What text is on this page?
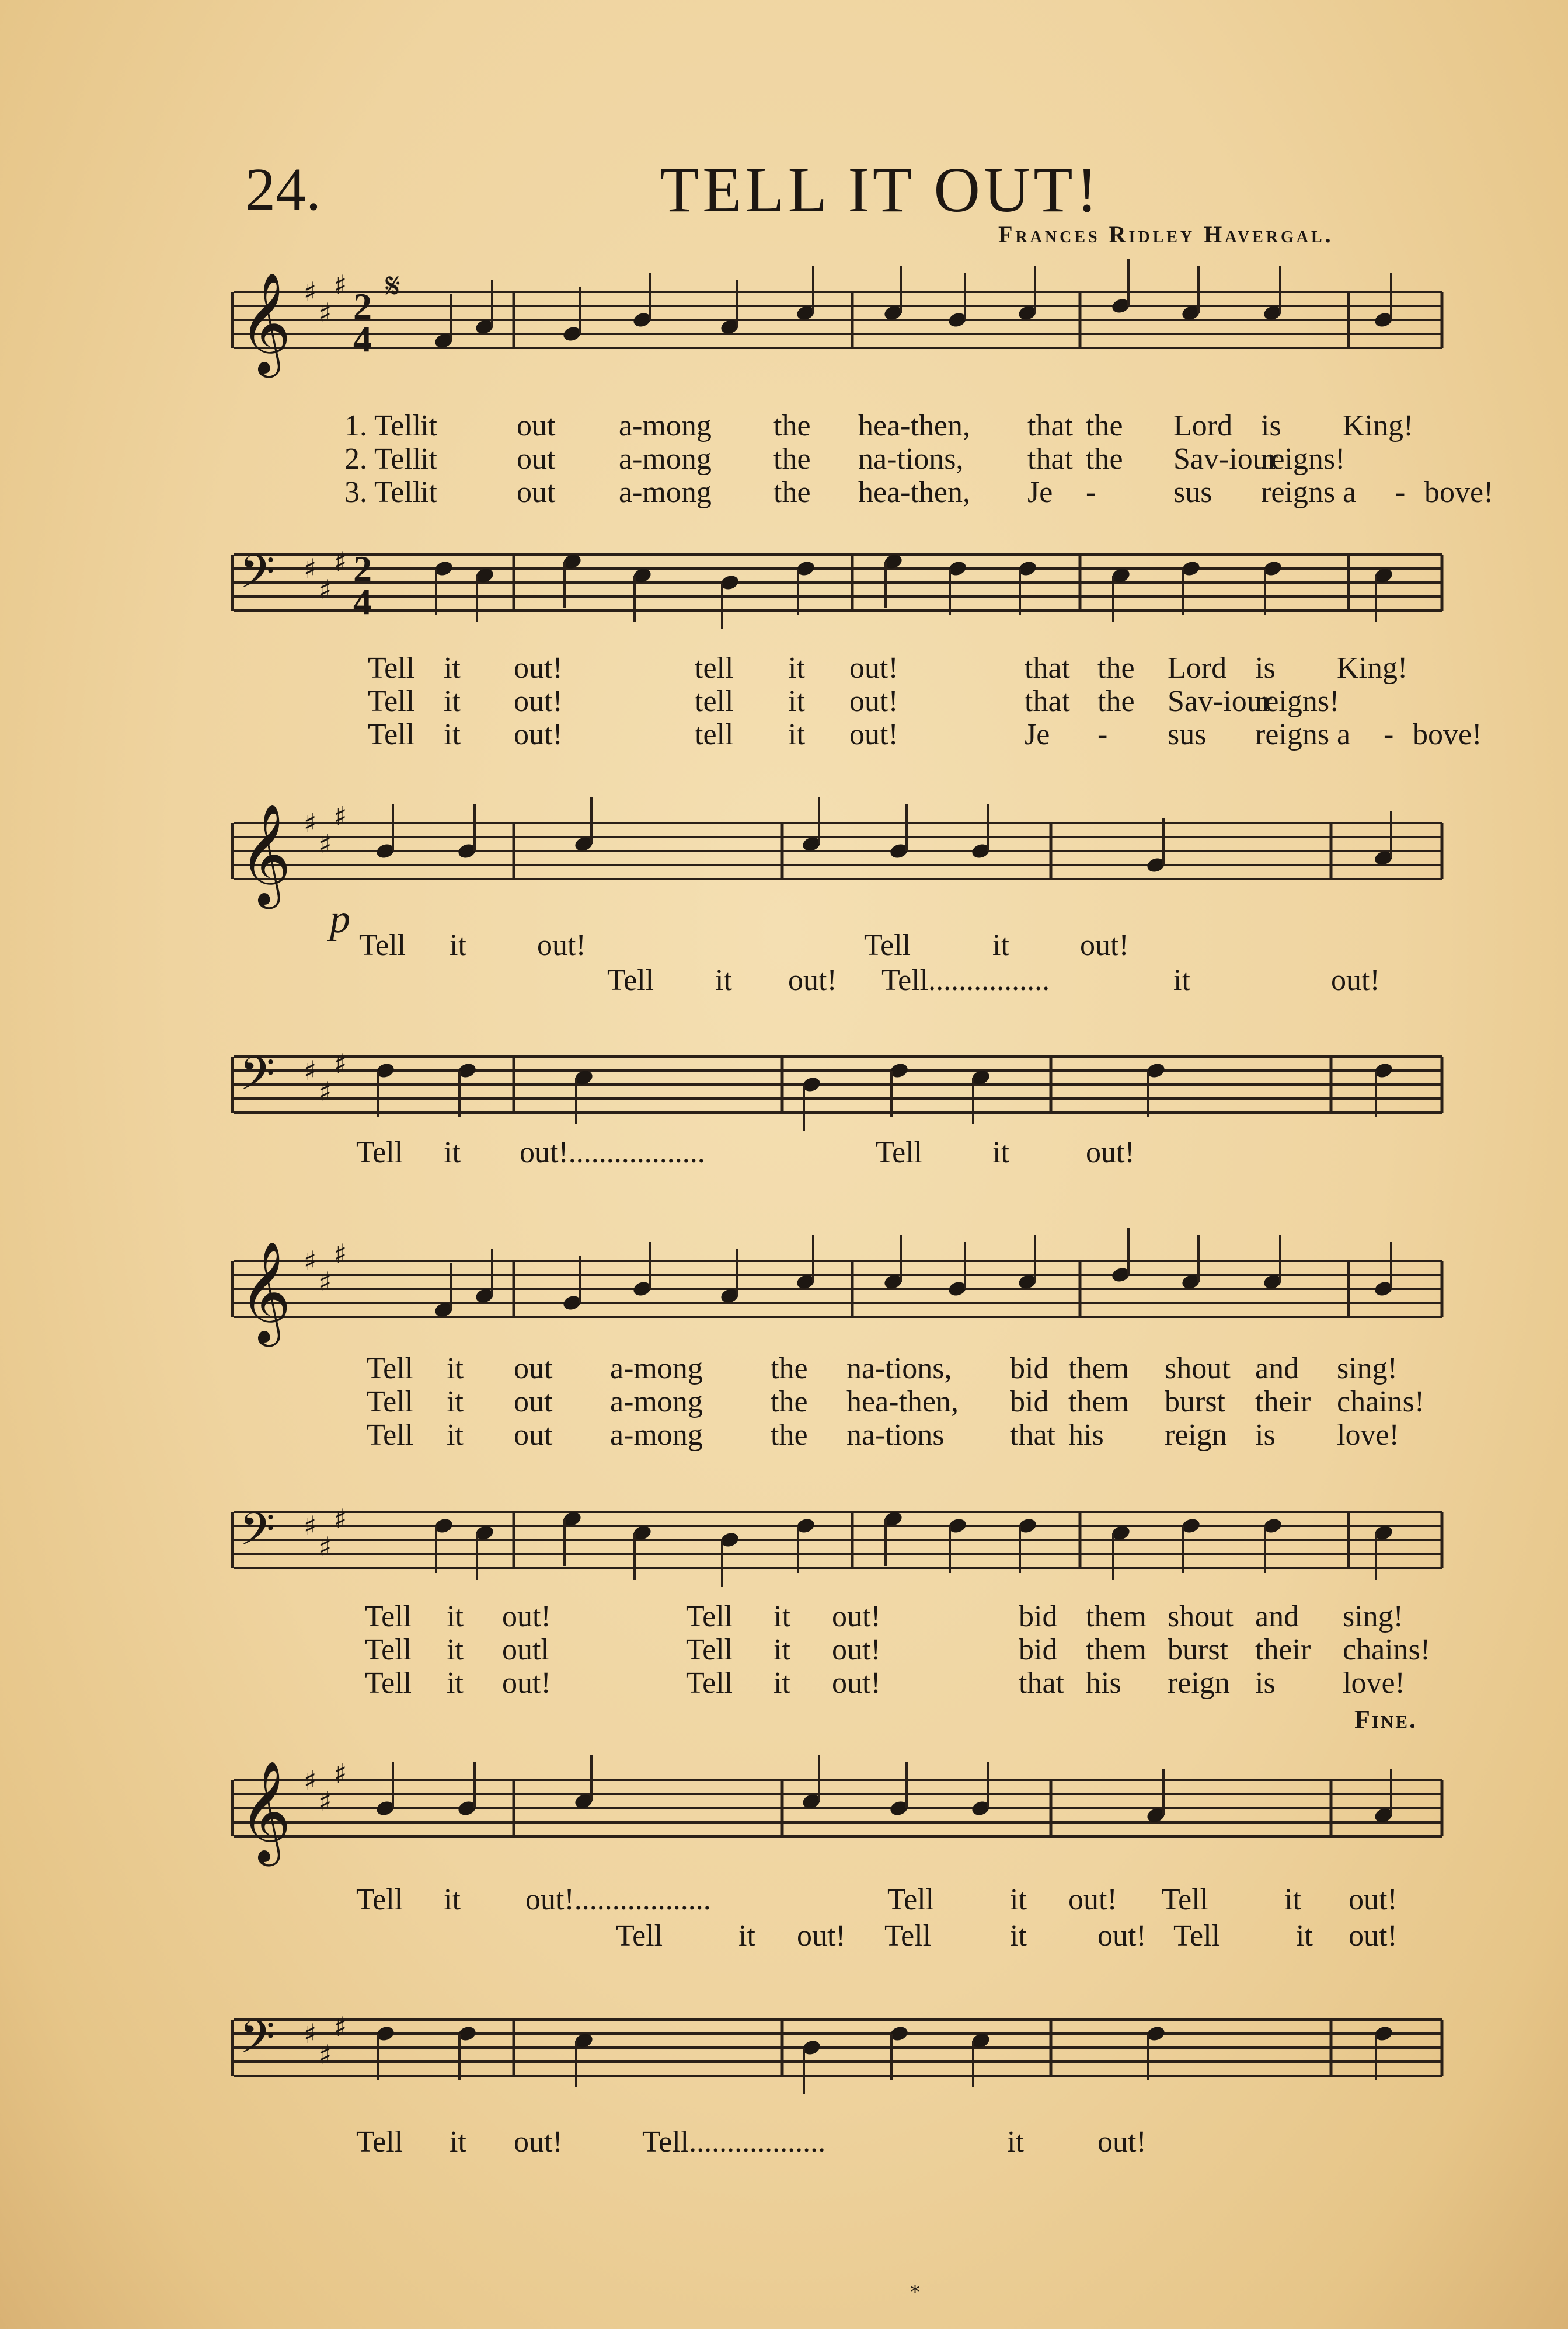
24.	TELL IT OUT!
Frances Ridley Havergal.
𝄞 ♯
♯
♯
2
4
𝄋
𝄢 ♯
♯
♯ 2
4
𝄞 ♯
♯
♯
𝄢 ♯
♯
♯
𝄞 ♯
♯
♯
𝄢 ♯
♯
♯
𝄞 ♯
♯
♯
𝄢 ♯
♯
♯
p
Fine.
1. Tell
it	out a-mong the hea-then, that the Lord is King!
2. Tell
it	out a-mong the na-tions, that the Sav-iour
reigns!
3. Tell
it	out a-mong the hea-then, Je -	sus reigns a - bove!
Tell it out!	tell it out!	that the Lord is King!
Tell it out!	tell it out!	that the Sav-iour
reigns!
Tell it out!	tell it out!	Je - sus reigns a - bove!
Tell it out!	Tell	it out!
Tell it out! Tell................	it	out!
Tell it out!..................	Tell it	out!
Tell it out a-mong the na-tions, bid them shout and sing!
Tell it out a-mong the hea-then, bid them burst their chains!
Tell it out a-mong the na-tions that his reign is love!
Tell it out!	Tell it out!	bid them shout and sing!
Tell it outl	Tell it out!	bid them burst their chains!
Tell it out!	Tell it out!	that his reign is love!
Tell it out!..................	Tell it out! Tell it out!
Tell it out! Tell	it out! Tell it out!
Tell it out!	Tell..................	it out!
⁎
